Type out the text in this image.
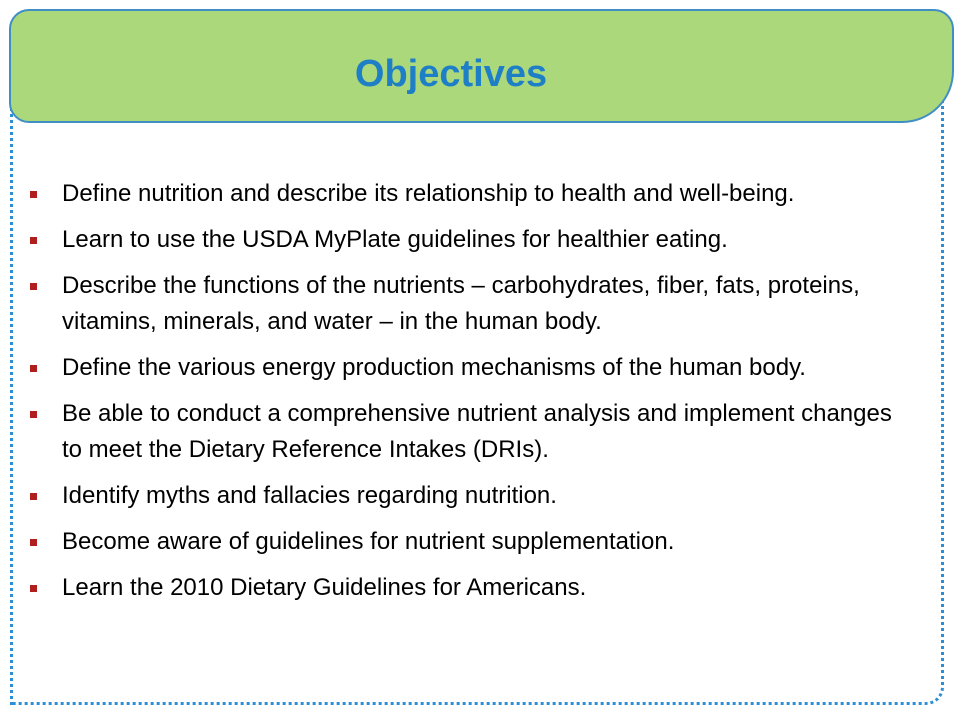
Objectives
Define nutrition and describe its relationship to health and well-being.
Learn to use the USDA MyPlate guidelines for healthier eating.
Describe the functions of the nutrients – carbohydrates, fiber, fats, proteins, vitamins, minerals, and water – in the human body.
Define the various energy production mechanisms of the human body.
Be able to conduct a comprehensive nutrient analysis and implement changes to meet the Dietary Reference Intakes (DRIs).
Identify myths and fallacies regarding nutrition.
Become aware of guidelines for nutrient supplementation.
Learn the 2010 Dietary Guidelines for Americans.
